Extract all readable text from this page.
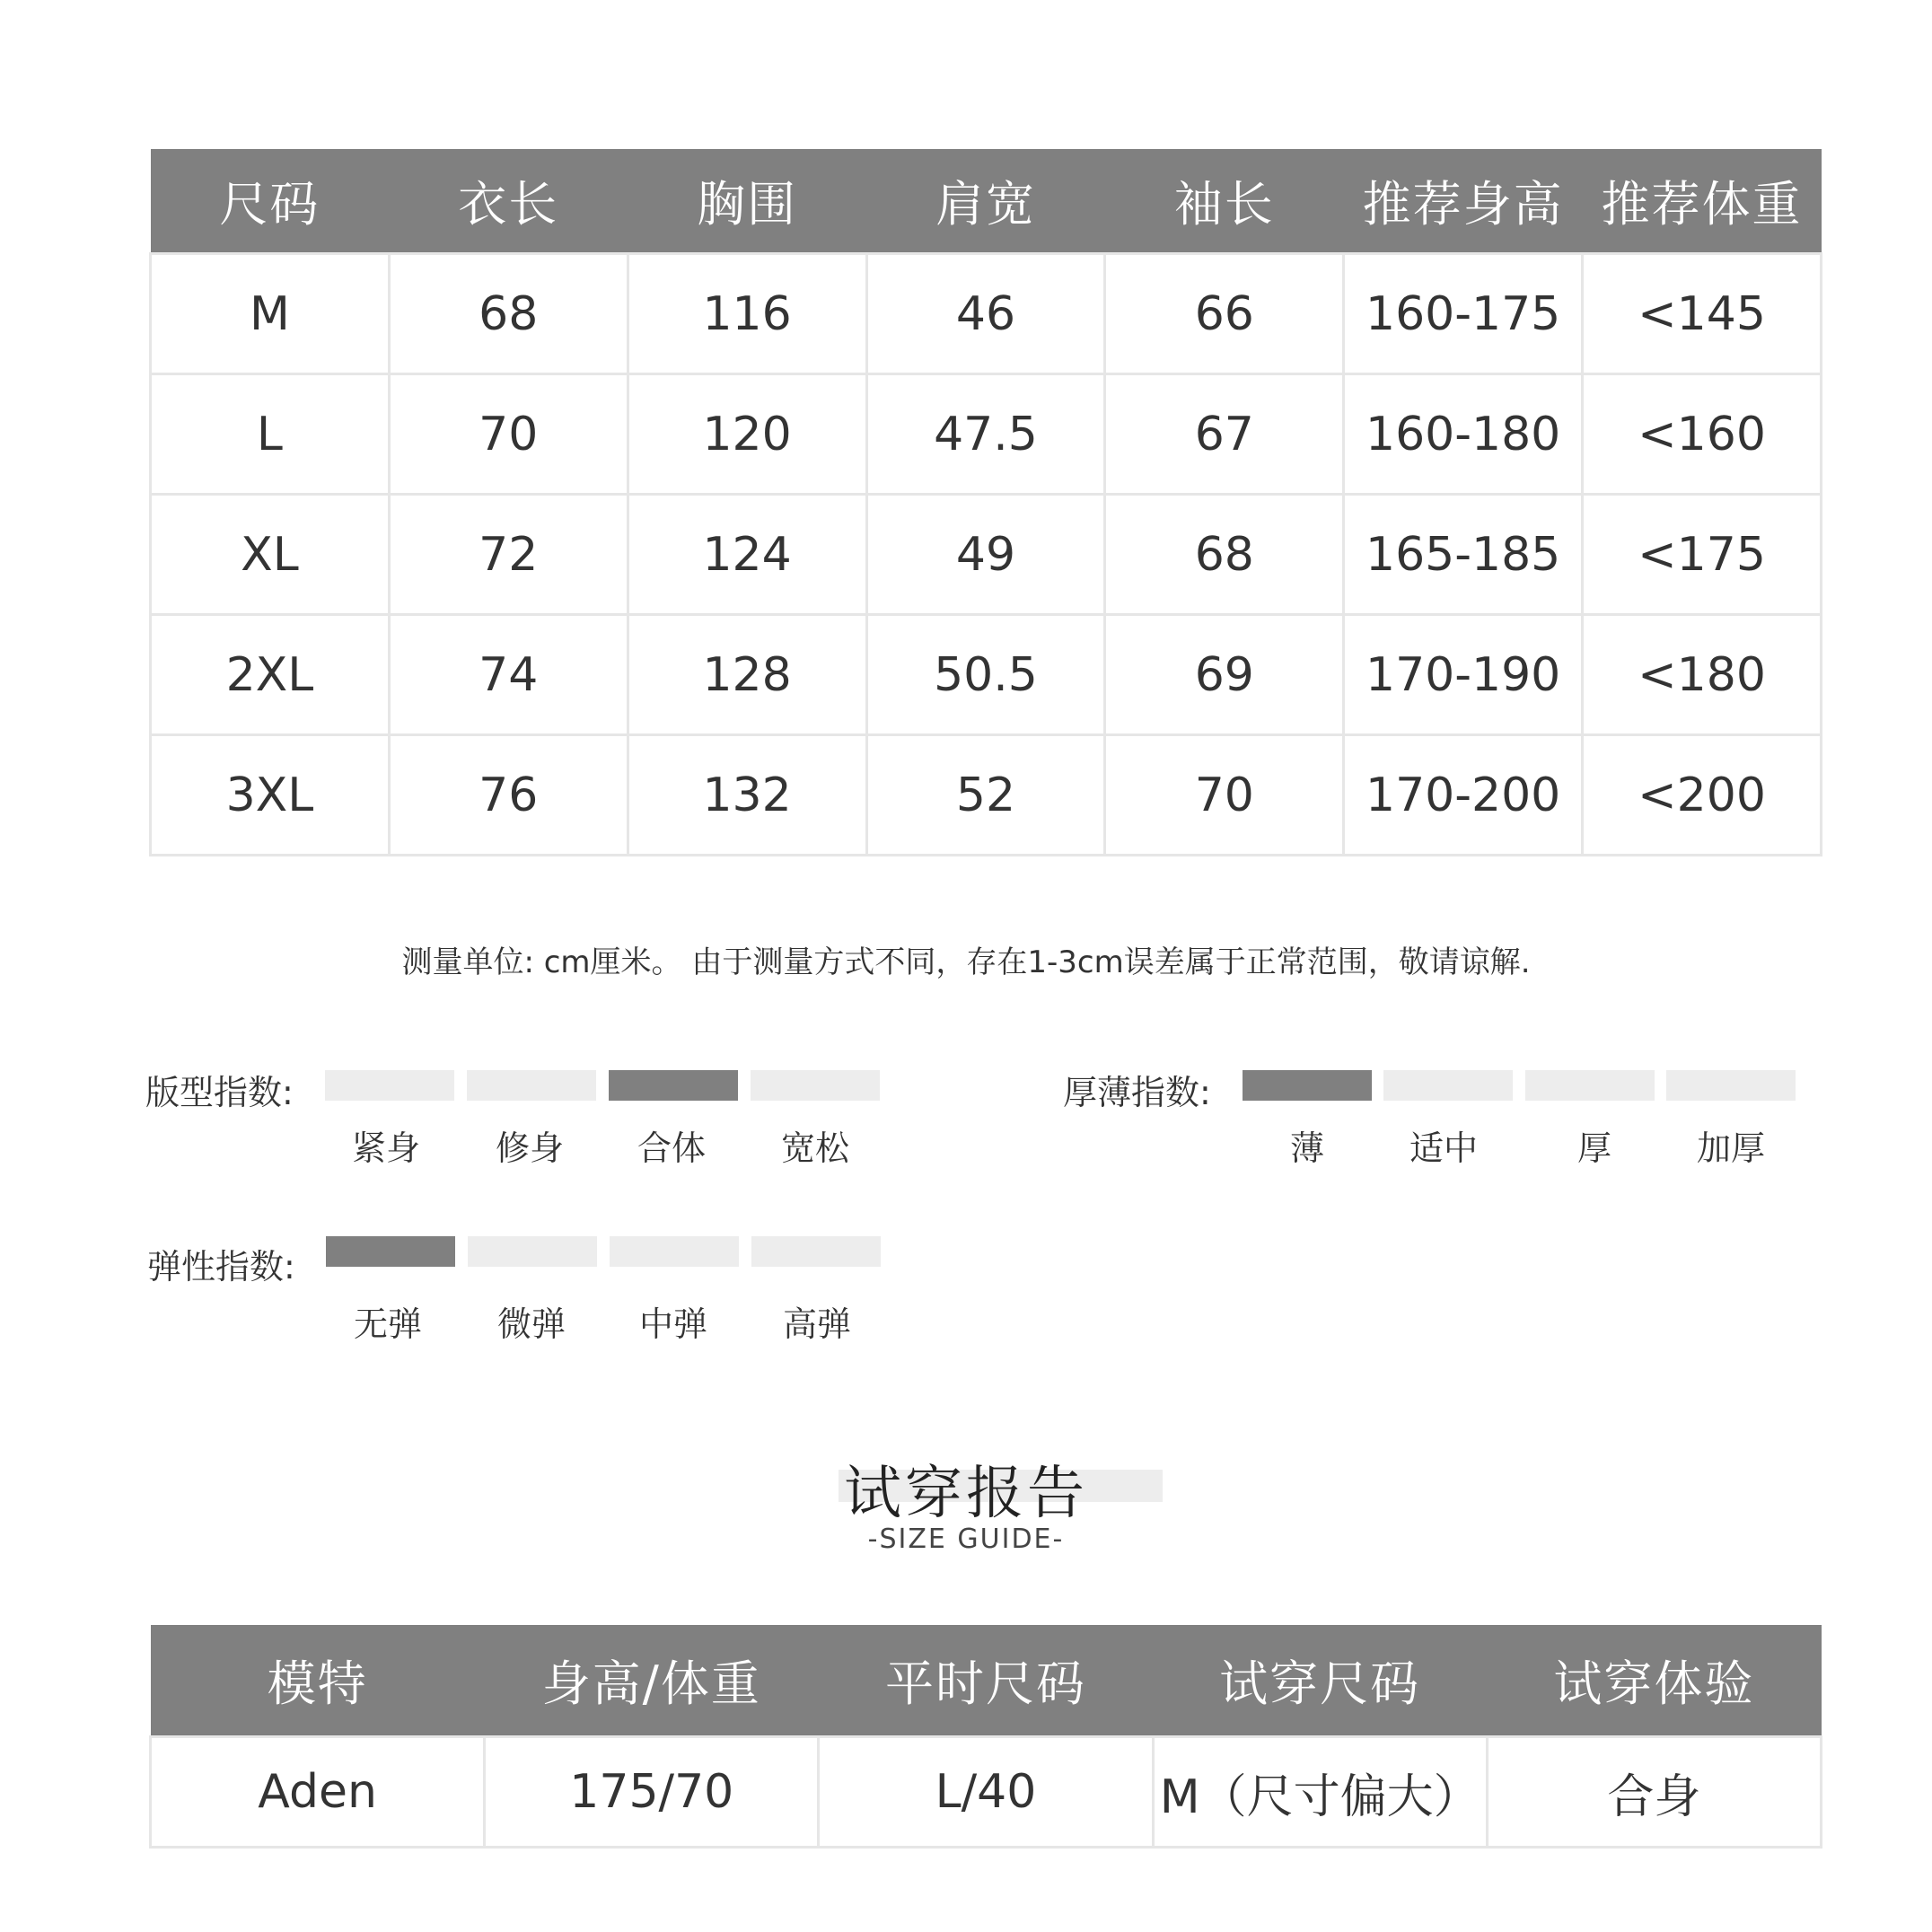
尺码	衣长	胸围	肩宽	袖长	推荐身高	推荐体重
M	68	116	46	66	160-175	<145
L	70	120	47.5	67	160-180	<160
XL	72	124	49	68	165-185	<175
2XL	74	128	50.5	69	170-190	<180
3XL	76	132	52	70	170-200	<200
测量单位: cm厘米。 由于测量方式不同，存在1-3cm误差属于正常范围，敬请谅解.
版型指数:
紧身	修身	合体	宽松
厚薄指数:
薄	适中	厚	加厚
弹性指数:
无弹	微弹	中弹	高弹
试穿报告
-SIZE GUIDE-
模特	身高/体重	平时尺码	试穿尺码	试穿体验
Aden	175/70	L/40	M（尺寸偏大）	合身
